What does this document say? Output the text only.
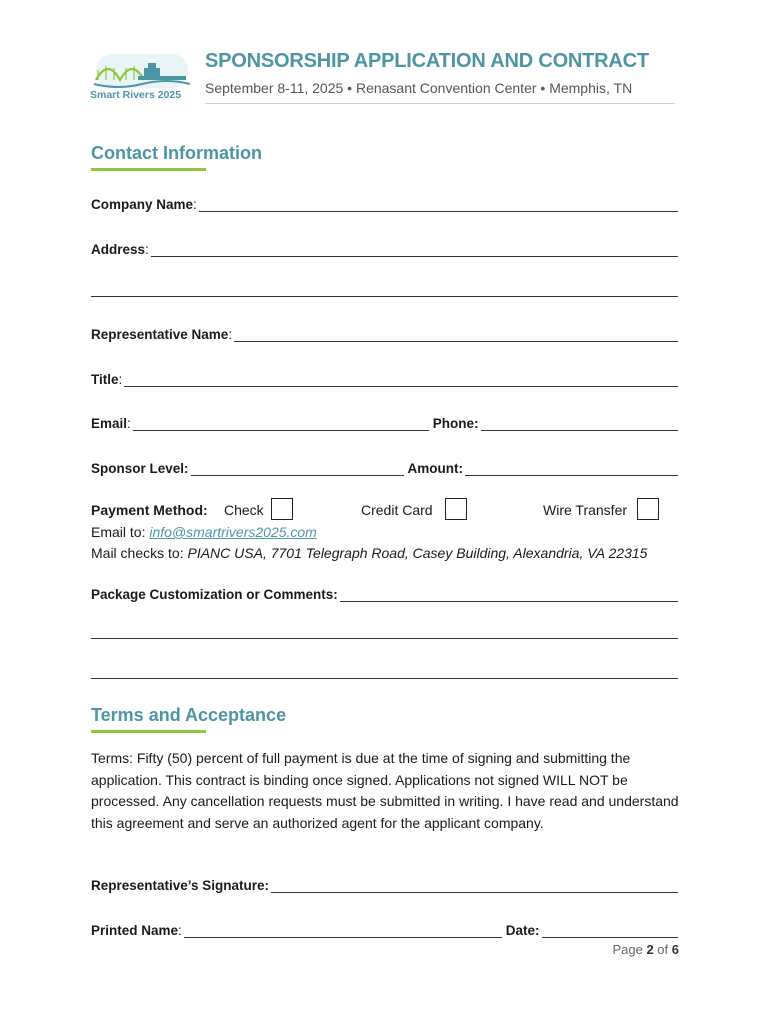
Smart Rivers 2025
SPONSORSHIP APPLICATION AND CONTRACT
September 8-11, 2025 • Renasant Convention Center • Memphis, TN
Contact Information
Company Name :
Address :
Representative Name :
Title :
Email :	Phone:
Sponsor Level:	Amount:
Payment Method: Check	Credit Card	Wire Transfer
Email to: info@smartrivers2025.com
Mail checks to: PIANC USA, 7701 Telegraph Road, Casey Building, Alexandria, VA 22315
Package Customization or Comments:
Terms and Acceptance
Terms: Fifty (50) percent of full payment is due at the time of signing and submitting the application. This contract is binding once signed. Applications not signed WILL NOT be processed. Any cancellation requests must be submitted in writing. I have read and understand this agreement and serve an authorized agent for the applicant company.
Representative’s Signature:
Printed Name :	Date:
Page 2 of 6
